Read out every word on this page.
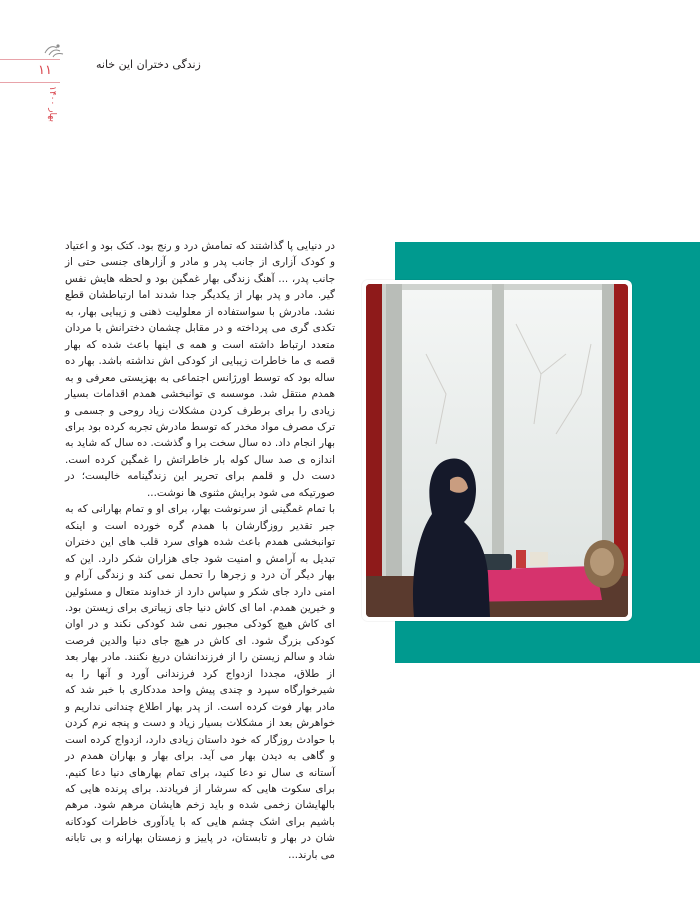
زندگی دختران این خانه
۱۱
بهار ۱۴۰۰

در دنیایی پا گذاشتند که تمامش درد و رنج بود. کتک بود و اعتیاد و کودک آزاری از جانب پدر و مادر و آزارهای جنسی حتی از جانب پدر، ... آهنگ زندگی بهار غمگین بود و لحظه هایش نفس گیر. مادر و پدر بهار از یکدیگر جدا شدند اما ارتباطشان قطع نشد. مادرش با سواستفاده از معلولیت ذهنی و زیبایی بهار، به تکدی گری می پرداخته و در مقابل چشمان دخترانش با مردان متعدد ارتباط داشته است و همه ی اینها باعث شده که بهار قصه ی ما خاطرات زیبایی از کودکی اش نداشته باشد. بهار ده ساله بود که توسط اورژانس اجتماعی به بهزیستی معرفی و به همدم منتقل شد. موسسه ی توانبخشی همدم اقدامات بسیار زیادی را برای برطرف کردن مشکلات زیاد روحی و جسمی و ترک مصرف مواد مخدر که توسط مادرش تجربه کرده بود برای بهار انجام داد. ده سال سخت برا و گذشت. ده سال که شاید به اندازه ی صد سال کوله بار خاطراتش را غمگین کرده است. دست دل و قلمم برای تحریر این زندگینامه خالیست؛ در صورتیکه می شود برایش مثنوی ها نوشت...

با تمام غمگینی از سرنوشت بهار، برای او و تمام بهارانی که به جبر تقدیر روزگارشان با همدم گره خورده است و اینکه توانبخشی همدم باعث شده هوای سرد قلب های این دختران تبدیل به آرامش و امنیت شود جای هزاران شکر دارد. این که بهار دیگر آن درد و زجرها را تحمل نمی کند و زندگی آرام و امنی دارد جای شکر و سپاس دارد از خداوند متعال و مسئولین و خیرین همدم. اما ای کاش دنیا جای زیباتری برای زیستن بود. ای کاش هیچ کودکی مجبور نمی شد کودکی نکند و در اوان کودکی بزرگ شود. ای کاش در هیچ جای دنیا والدین فرصت شاد و سالم زیستن را از فرزندانشان دریغ نکنند. مادر بهار بعد از طلاق، مجددا ازدواج کرد فرزندانی آورد و آنها را به شیرخوارگاه سپرد و چندی پیش واحد مددکاری با خبر شد که مادر بهار فوت کرده است. از پدر بهار اطلاع چندانی نداریم و خواهرش بعد از مشکلات بسیار زیاد و دست و پنجه نرم کردن با حوادث روزگار که خود داستان زیادی دارد، ازدواج کرده است و گاهی به دیدن بهار می آید. برای بهار و بهاران همدم در آستانه ی سال نو دعا کنید، برای تمام بهارهای دنیا دعا کنیم. برای سکوت هایی که سرشار از فریادند. برای پرنده هایی که بالهایشان زخمی شده و باید زخم هایشان مرهم شود. مرهم باشیم برای اشک چشم هایی که با یادآوری خاطرات کودکانه شان در بهار و تابستان، در پاییز و زمستان بهارانه و بی تابانه می بارند...
